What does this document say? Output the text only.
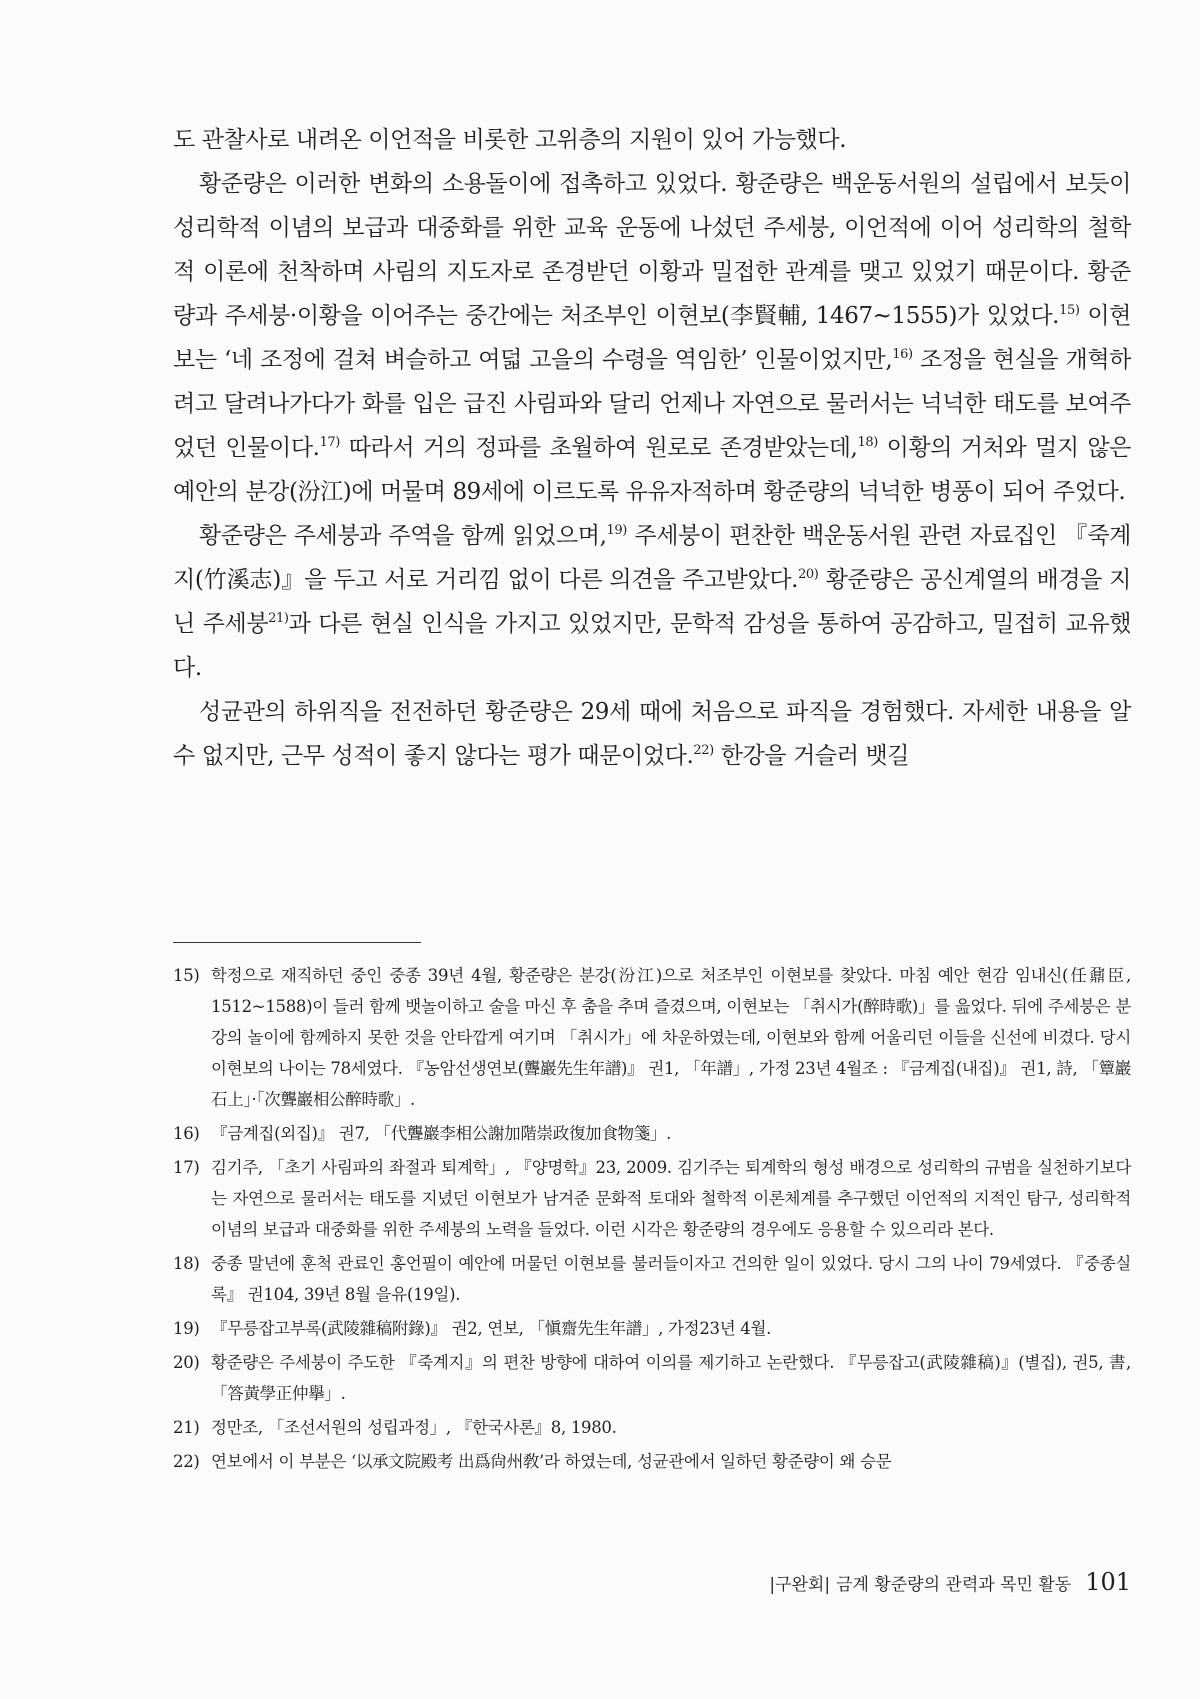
도 관찰사로 내려온 이언적을 비롯한 고위층의 지원이 있어 가능했다.

황준량은 이러한 변화의 소용돌이에 접촉하고 있었다. 황준량은 백운동서원의 설립에서 보듯이 성리학적 이념의 보급과 대중화를 위한 교육 운동에 나섰던 주세붕, 이언적에 이어 성리학의 철학적 이론에 천착하며 사림의 지도자로 존경받던 이황과 밀접한 관계를 맺고 있었기 때문이다. 황준량과 주세붕·이황을 이어주는 중간에는 처조부인 이현보(李賢輔, 1467~1555)가 있었다.$^{15)}$ 이현보는 ‘네 조정에 걸쳐 벼슬하고 여덟 고을의 수령을 역임한’ 인물이었지만,$^{16)}$ 조정을 현실을 개혁하려고 달려나가다가 화를 입은 급진 사림파와 달리 언제나 자연으로 물러서는 넉넉한 태도를 보여주었던 인물이다.$^{17)}$ 따라서 거의 정파를 초월하여 원로로 존경받았는데,$^{18)}$ 이황의 거처와 멀지 않은 예안의 분강(汾江)에 머물며 89세에 이르도록 유유자적하며 황준량의 넉넉한 병풍이 되어 주었다.

황준량은 주세붕과 주역을 함께 읽었으며,$^{19)}$ 주세붕이 편찬한 백운동서원 관련 자료집인 『죽계지(竹溪志)』을 두고 서로 거리낌 없이 다른 의견을 주고받았다.$^{20)}$ 황준량은 공신계열의 배경을 지닌 주세붕$^{21)}$과 다른 현실 인식을 가지고 있었지만, 문학적 감성을 통하여 공감하고, 밀접히 교유했다.

성균관의 하위직을 전전하던 황준량은 29세 때에 처음으로 파직을 경험했다. 자세한 내용을 알 수 없지만, 근무 성적이 좋지 않다는 평가 때문이었다.$^{22)}$ 한강을 거슬러 뱃길

15) 학정으로 재직하던 중인 중종 39년 4월, 황준량은 분강(汾江)으로 처조부인 이현보를 찾았다. 마침 예안 현감 임내신(任鼐臣, 1512~1588)이 들러 함께 뱃놀이하고 술을 마신 후 춤을 추며 즐겼으며, 이현보는 「취시가(醉時歌)」를 읊었다. 뒤에 주세붕은 분강의 놀이에 함께하지 못한 것을 안타깝게 여기며 「취시가」에 차운하였는데, 이현보와 함께 어울리던 이들을 신선에 비겼다. 당시 이현보의 나이는 78세였다. 『농암선생연보(聾巖先生年譜)』 권1, 「年譜」, 가정 23년 4월조 : 『금계집(내집)』 권1, 詩, 「簟巖石上」·「次聾巖相公醉時歌」.
16) 『금계집(외집)』 권7, 「代聾巖李相公謝加階崇政復加食物箋」.
17) 김기주, 「초기 사림파의 좌절과 퇴계학」, 『양명학』23, 2009. 김기주는 퇴계학의 형성 배경으로 성리학의 규범을 실천하기보다는 자연으로 물러서는 태도를 지녔던 이현보가 남겨준 문화적 토대와 철학적 이론체계를 추구했던 이언적의 지적인 탐구, 성리학적 이념의 보급과 대중화를 위한 주세붕의 노력을 들었다. 이런 시각은 황준량의 경우에도 응용할 수 있으리라 본다.
18) 중종 말년에 훈척 관료인 홍언필이 예안에 머물던 이현보를 불러들이자고 건의한 일이 있었다. 당시 그의 나이 79세였다. 『중종실록』 권104, 39년 8월 을유(19일).
19) 『무릉잡고부록(武陵雜稿附錄)』 권2, 연보, 「愼齋先生年譜」, 가정23년 4월.
20) 황준량은 주세붕이 주도한 『죽계지』의 편찬 방향에 대하여 이의를 제기하고 논란했다. 『무릉잡고(武陵雜稿)』(별집), 권5, 書, 「答黃學正仲擧」.
21) 정만조, 「조선서원의 성립과정」, 『한국사론』8, 1980.
22) 연보에서 이 부분은 ‘以承文院殿考 出爲尙州敎’라 하였는데, 성균관에서 일하던 황준량이 왜 승문
|구완회| 금계 황준량의 관력과 목민 활동 101
